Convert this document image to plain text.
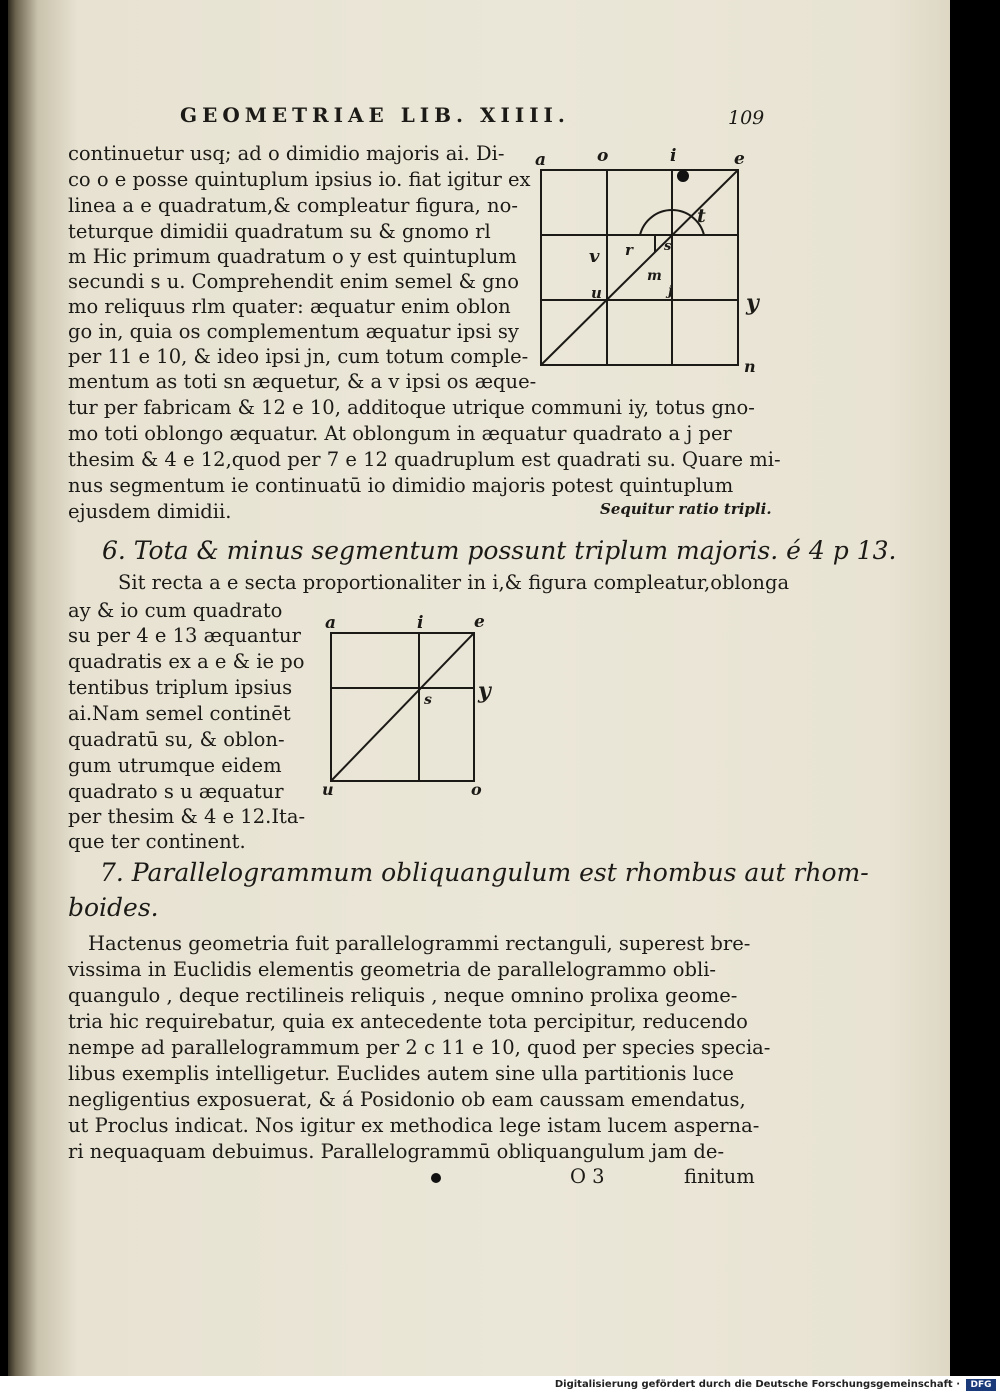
GEOMETRIAE LIB. XIIII.	109
continuetur usq; ad o dimidio majoris ai. Di-
co o e posse quintuplum ipsius io. fiat igitur ex
linea a e quadratum,& compleatur figura, no-
teturque dimidii quadratum su & gnomo rl
m Hic primum quadratum o y est quintuplum
secundi s u. Comprehendit enim semel & gno
mo reliquus rlm quater: æquatur enim oblon
go in, quia os complementum æquatur ipsi sy
per 11 e 10, & ideo ipsi jn, cum totum comple-
mentum as toti sn æquetur, & a v ipsi os æque-
tur per fabricam & 12 e 10, additoque utrique communi iy, totus gno-
mo toti oblongo æquatur. At oblongum in æquatur quadrato a j per
thesim & 4 e 12,quod per 7 e 12 quadruplum est quadrati su. Quare mi-
nus segmentum ie continuatū io dimidio majoris potest quintuplum
ejusdem dimidii.	Sequitur ratio tripli.
a	o	i	e
t
v r s
m
j
u	y
n
6. Tota & minus segmentum possunt triplum majoris. é 4 p 13.
Sit recta a e secta proportionaliter in i,& figura compleatur,oblonga
ay & io cum quadrato
su per 4 e 13 æquantur
quadratis ex a e & ie po
tentibus triplum ipsius
ai.Nam semel continēt
quadratū su, & oblon-
gum utrumque eidem
quadrato s u æquatur
per thesim & 4 e 12.Ita-
que ter continent.
a	i	e
s y
u	o
7. Parallelogrammum obliquangulum est rhombus aut rhom-
boides.
Hactenus geometria fuit parallelogrammi rectanguli, superest bre-
vissima in Euclidis elementis geometria de parallelogrammo obli-
quangulo , deque rectilineis reliquis , neque omnino prolixa geome-
tria hic requirebatur, quia ex antecedente tota percipitur, reducendo
nempe ad parallelogrammum per 2 c 11 e 10, quod per species specia-
libus exemplis intelligetur. Euclides autem sine ulla partitionis luce
negligentius exposuerat, & á Posidonio ob eam caussam emendatus,
ut Proclus indicat. Nos igitur ex methodica lege istam lucem asperna-
ri nequaquam debuimus. Parallelogrammū obliquangulum jam de-
O 3	finitum
Digitalisierung gefördert durch die Deutsche Forschungsgemeinschaft ·	DFG
